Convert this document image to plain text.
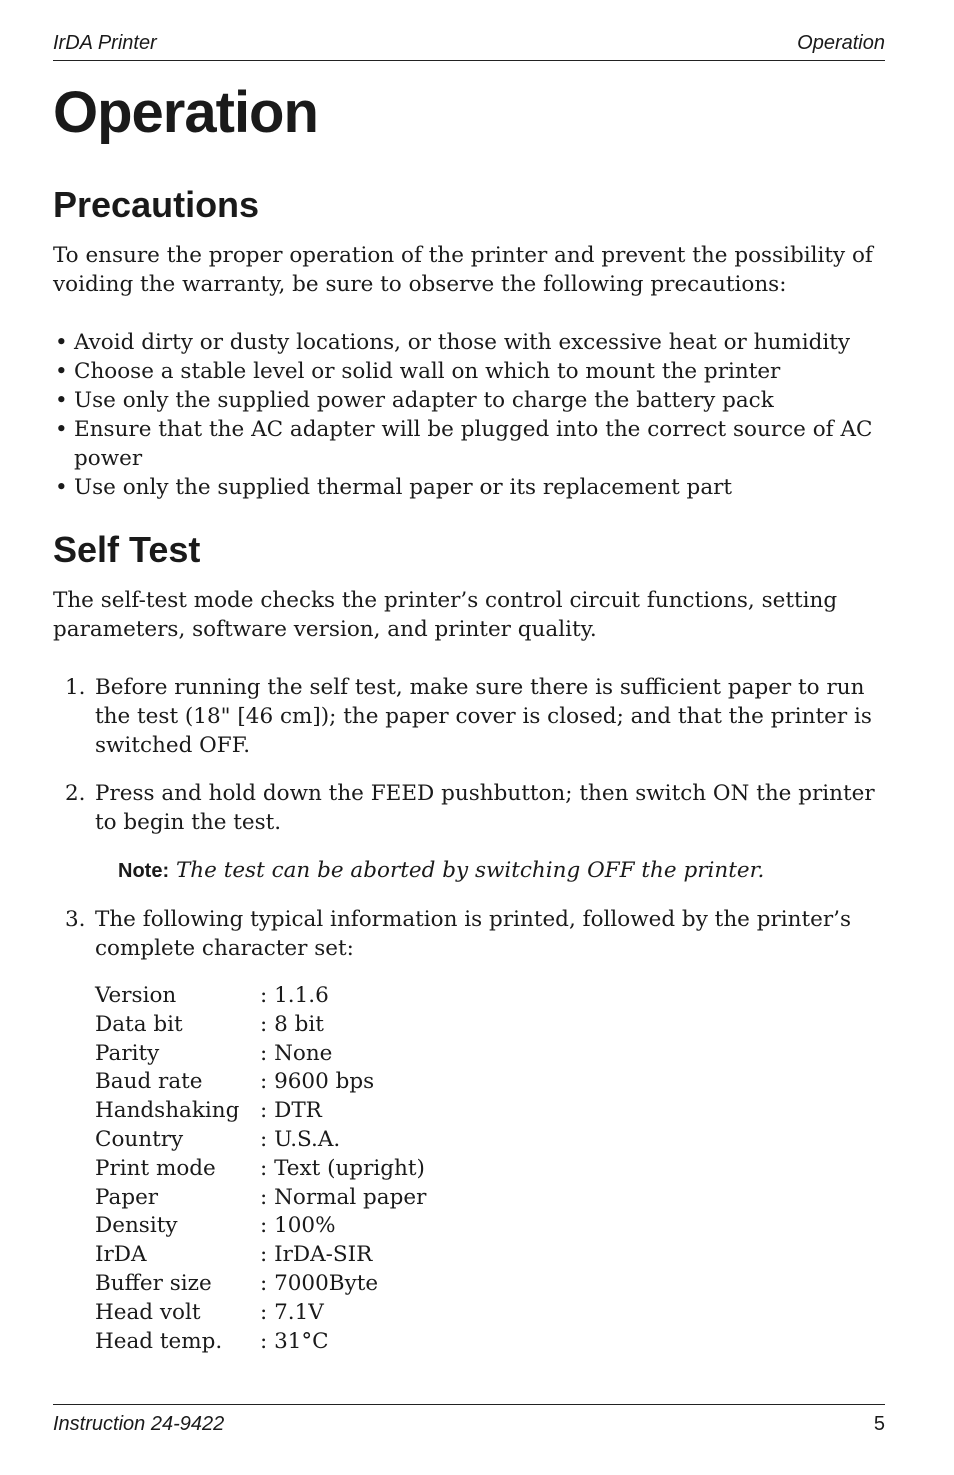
IrDA Printer	Operation
Operation
Precautions

To ensure the proper operation of the printer and prevent the possibility of voiding the warranty, be sure to observe the following precautions:

• Avoid dirty or dusty locations, or those with excessive heat or humidity
• Choose a stable level or solid wall on which to mount the printer
• Use only the supplied power adapter to charge the battery pack
• Ensure that the AC adapter will be plugged into the correct source of AC power
• Use only the supplied thermal paper or its replacement part
Self Test

The self-test mode checks the printer’s control circuit functions, setting parameters, software version, and printer quality.

1. Before running the self test, make sure there is sufficient paper to run the test (18" [46 cm]); the paper cover is closed; and that the printer is switched OFF.
2. Press and hold down the FEED pushbutton; then switch ON the printer to begin the test.

Note: The test can be aborted by switching OFF the printer.

3. The following typical information is printed, followed by the printer’s complete character set:
Version	: 1.1.6
Data bit	: 8 bit
Parity	: None
Baud rate	: 9600 bps
Handshaking	: DTR
Country	: U.S.A.
Print mode	: Text (upright)
Paper	: Normal paper
Density	: 100%
IrDA	: IrDA-SIR
Buffer size	: 7000Byte
Head volt	: 7.1V
Head temp.	: 31°C
Instruction 24-9422	5
